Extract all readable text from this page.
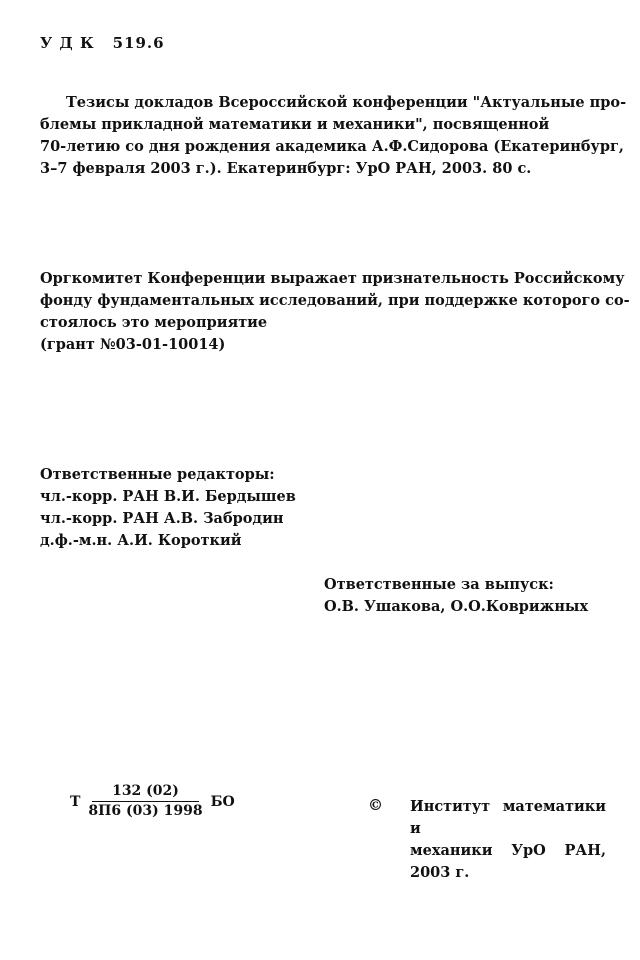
У Д К 519.6
Тезисы докладов Всероссийской конференции "Актуальные про-
блемы прикладной математики и механики", посвященной
70-летию со дня рождения академика А.Ф.Сидорова (Екатеринбург,
3–7 февраля 2003 г.). Екатеринбург: УрО РАН, 2003. 80 с.
Оргкомитет Конференции выражает признательность Российскому
фонду фундаментальных исследований, при поддержке которого со-
стоялось это мероприятие
(грант №03-01-10014)
Ответственные редакторы:
чл.-корр. РАН В.И. Бердышев
чл.-корр. РАН А.В. Забродин
д.ф.-м.н. А.И. Короткий
Ответственные за выпуск:
О.В. Ушакова, О.О.Коврижных
Т $\frac{132 (02)}{8П6 (03) 1998}$ БО	© Институт математики и
механики УрО РАН,
2003 г.
